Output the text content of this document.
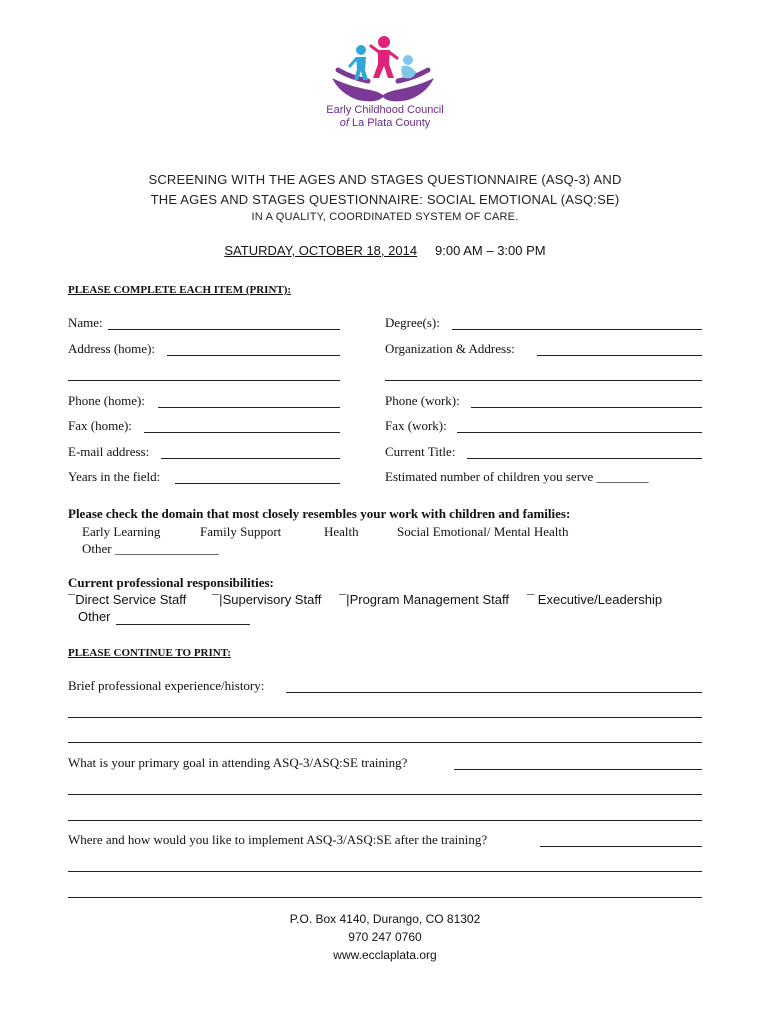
Early Childhood Council
of La Plata County
SCREENING WITH THE AGES AND STAGES QUESTIONNAIRE (ASQ-3) AND
THE AGES AND STAGES QUESTIONNAIRE: SOCIAL EMOTIONAL (ASQ:SE)
IN A QUALITY, COORDINATED SYSTEM OF CARE.
SATURDAY, OCTOBER 18, 2014 9:00 AM – 3:00 PM
PLEASE COMPLETE EACH ITEM (PRINT):
Name:	Degree(s):
Address (home):	Organization & Address:
Phone (home):	Phone (work):
Fax (home):	Fax (work):
E-mail address:	Current Title:
Years in the field:	Estimated number of children you serve ________
Please check the domain that most closely resembles your work with children and families:
Early Learning	Family Support	Health	Social Emotional/ Mental Health
Other ________________
Current professional responsibilities:
¯Direct Service Staff ¯|Supervisory Staff ¯|Program Management Staff ¯ Executive/Leadership
Other
PLEASE CONTINUE TO PRINT:
Brief professional experience/history:
What is your primary goal in attending ASQ-3/ASQ:SE training?
Where and how would you like to implement ASQ-3/ASQ:SE after the training?
P.O. Box 4140, Durango, CO 81302
970 247 0760
www.ecclaplata.org
